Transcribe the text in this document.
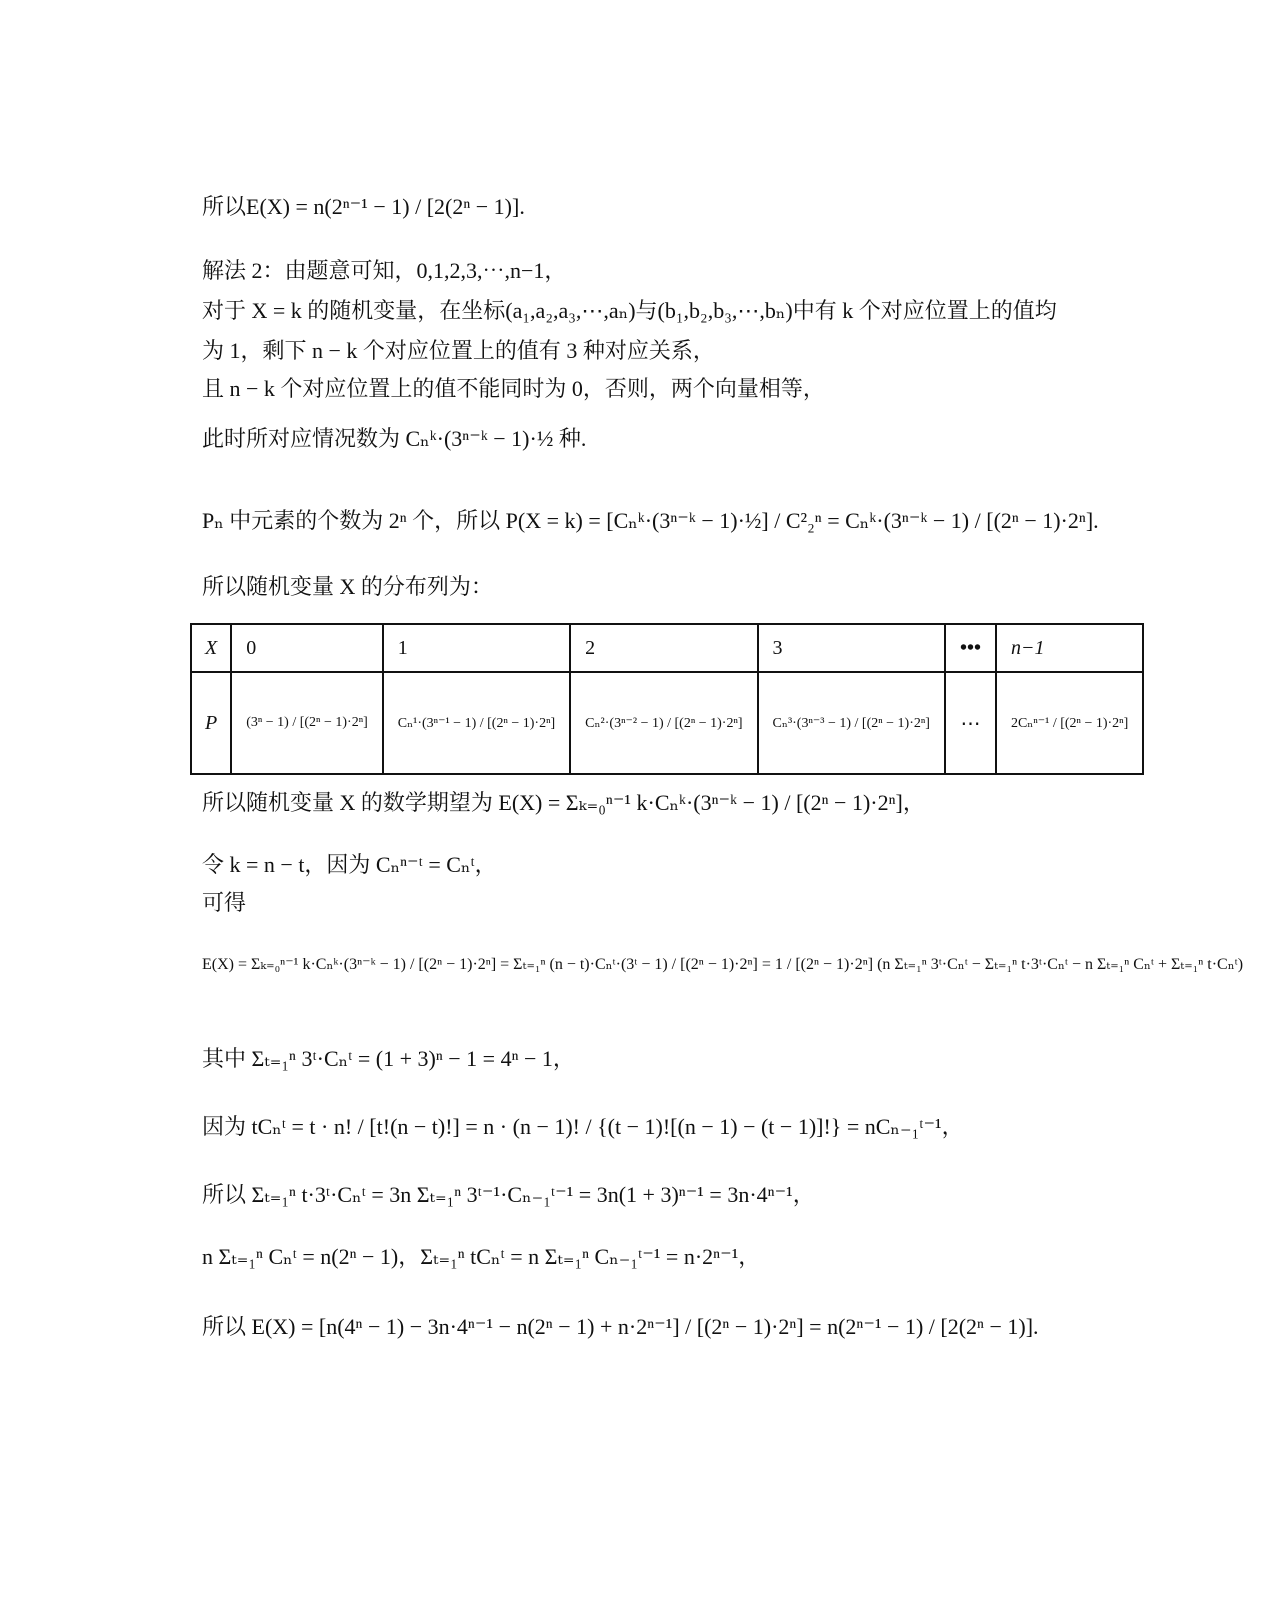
所以E(X) = n(2ⁿ⁻¹ − 1) / [2(2ⁿ − 1)].
解法 2：由题意可知，0,1,2,3,⋯,n−1，
对于 X = k 的随机变量，在坐标(a₁,a₂,a₃,⋯,aₙ)与(b₁,b₂,b₃,⋯,bₙ)中有 k 个对应位置上的值均
为 1，剩下 n − k 个对应位置上的值有 3 种对应关系，
且 n − k 个对应位置上的值不能同时为 0，否则，两个向量相等，
此时所对应情况数为 Cₙᵏ·(3ⁿ⁻ᵏ − 1)·½ 种.
Pₙ 中元素的个数为 2ⁿ 个，所以 P(X = k) = [Cₙᵏ·(3ⁿ⁻ᵏ − 1)·½] / C²₂ⁿ = Cₙᵏ·(3ⁿ⁻ᵏ − 1) / [(2ⁿ − 1)·2ⁿ].
所以随机变量 X 的分布列为：
X	0	1	2	3	•••	n−1
P	(3ⁿ − 1) / [(2ⁿ − 1)·2ⁿ]	Cₙ¹·(3ⁿ⁻¹ − 1) / [(2ⁿ − 1)·2ⁿ]	Cₙ²·(3ⁿ⁻² − 1) / [(2ⁿ − 1)·2ⁿ]	Cₙ³·(3ⁿ⁻³ − 1) / [(2ⁿ − 1)·2ⁿ]	⋯	2Cₙⁿ⁻¹ / [(2ⁿ − 1)·2ⁿ]
所以随机变量 X 的数学期望为 E(X) = Σₖ₌₀ⁿ⁻¹ k·Cₙᵏ·(3ⁿ⁻ᵏ − 1) / [(2ⁿ − 1)·2ⁿ]，
令 k = n − t，因为 Cₙⁿ⁻ᵗ = Cₙᵗ，
可得
E(X) = Σₖ₌₀ⁿ⁻¹ k·Cₙᵏ·(3ⁿ⁻ᵏ − 1) / [(2ⁿ − 1)·2ⁿ] = Σₜ₌₁ⁿ (n − t)·Cₙᵗ·(3ᵗ − 1) / [(2ⁿ − 1)·2ⁿ] = 1 / [(2ⁿ − 1)·2ⁿ] (n Σₜ₌₁ⁿ 3ᵗ·Cₙᵗ − Σₜ₌₁ⁿ t·3ᵗ·Cₙᵗ − n Σₜ₌₁ⁿ Cₙᵗ + Σₜ₌₁ⁿ t·Cₙᵗ)
其中 Σₜ₌₁ⁿ 3ᵗ·Cₙᵗ = (1 + 3)ⁿ − 1 = 4ⁿ − 1，
因为 tCₙᵗ = t · n! / [t!(n − t)!] = n · (n − 1)! / {(t − 1)![(n − 1) − (t − 1)]!} = nCₙ₋₁ᵗ⁻¹，
所以 Σₜ₌₁ⁿ t·3ᵗ·Cₙᵗ = 3n Σₜ₌₁ⁿ 3ᵗ⁻¹·Cₙ₋₁ᵗ⁻¹ = 3n(1 + 3)ⁿ⁻¹ = 3n·4ⁿ⁻¹，
n Σₜ₌₁ⁿ Cₙᵗ = n(2ⁿ − 1)，Σₜ₌₁ⁿ tCₙᵗ = n Σₜ₌₁ⁿ Cₙ₋₁ᵗ⁻¹ = n·2ⁿ⁻¹，
所以 E(X) = [n(4ⁿ − 1) − 3n·4ⁿ⁻¹ − n(2ⁿ − 1) + n·2ⁿ⁻¹] / [(2ⁿ − 1)·2ⁿ] = n(2ⁿ⁻¹ − 1) / [2(2ⁿ − 1)].
